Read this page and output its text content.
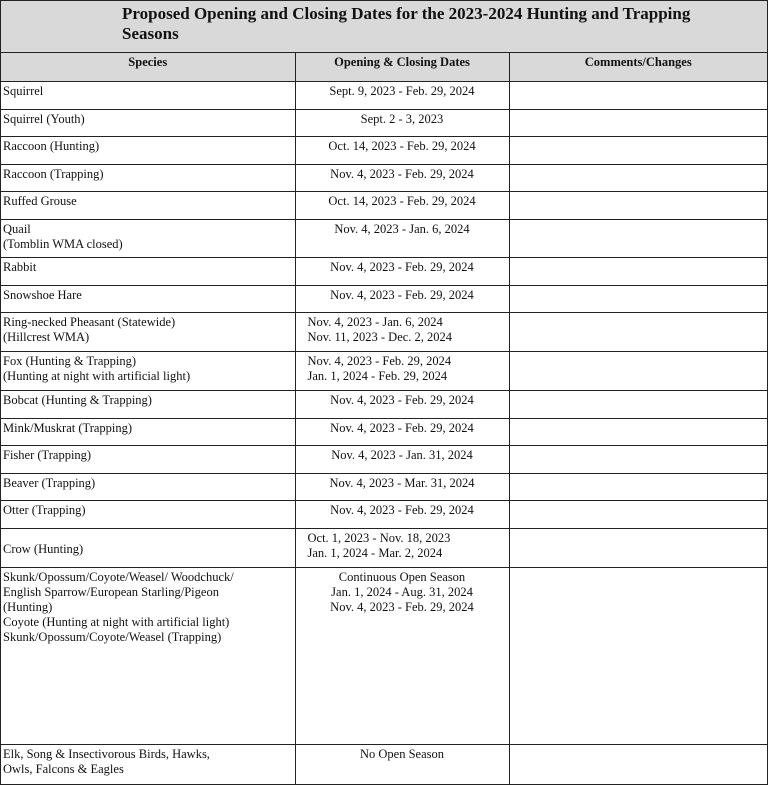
Proposed Opening and Closing Dates for the 2023-2024 Hunting and Trapping Seasons
Species	Opening & Closing Dates	Comments/Changes

Squirrel	Sept. 9, 2023 - Feb. 29, 2024	

Squirrel (Youth)	Sept. 2 - 3, 2023	

Raccoon (Hunting)	Oct. 14, 2023 - Feb. 29, 2024	

Raccoon (Trapping)	Nov. 4, 2023 - Feb. 29, 2024	

Ruffed Grouse	Oct. 14, 2023 - Feb. 29, 2024	

Quail
(Tomblin WMA closed)	Nov. 4, 2023 - Jan. 6, 2024	

Rabbit	Nov. 4, 2023 - Feb. 29, 2024	

Snowshoe Hare	Nov. 4, 2023 - Feb. 29, 2024	

Ring-necked Pheasant (Statewide)
(Hillcrest WMA)	Nov. 4, 2023 - Jan. 6, 2024
Nov. 11, 2023 - Dec. 2, 2024	

Fox (Hunting & Trapping)
(Hunting at night with artificial light)	Nov. 4, 2023 - Feb. 29, 2024
Jan. 1, 2024 - Feb. 29, 2024	

Bobcat (Hunting & Trapping)	Nov. 4, 2023 - Feb. 29, 2024	

Mink/Muskrat (Trapping)	Nov. 4, 2023 - Feb. 29, 2024	

Fisher (Trapping)	Nov. 4, 2023 - Jan. 31, 2024	

Beaver (Trapping)	Nov. 4, 2023 - Mar. 31, 2024	

Otter (Trapping)	Nov. 4, 2023 - Feb. 29, 2024	

Crow (Hunting)	Oct. 1, 2023 - Nov. 18, 2023
Jan. 1, 2024 - Mar. 2, 2024	

Skunk/Opossum/Coyote/Weasel/ Woodchuck/
English Sparrow/European Starling/Pigeon
(Hunting)
Coyote (Hunting at night with artificial light)
Skunk/Opossum/Coyote/Weasel (Trapping)	Continuous Open Season
Jan. 1, 2024 - Aug. 31, 2024
Nov. 4, 2023 - Feb. 29, 2024	

Elk, Song & Insectivorous Birds, Hawks,
Owls, Falcons & Eagles	No Open Season	
